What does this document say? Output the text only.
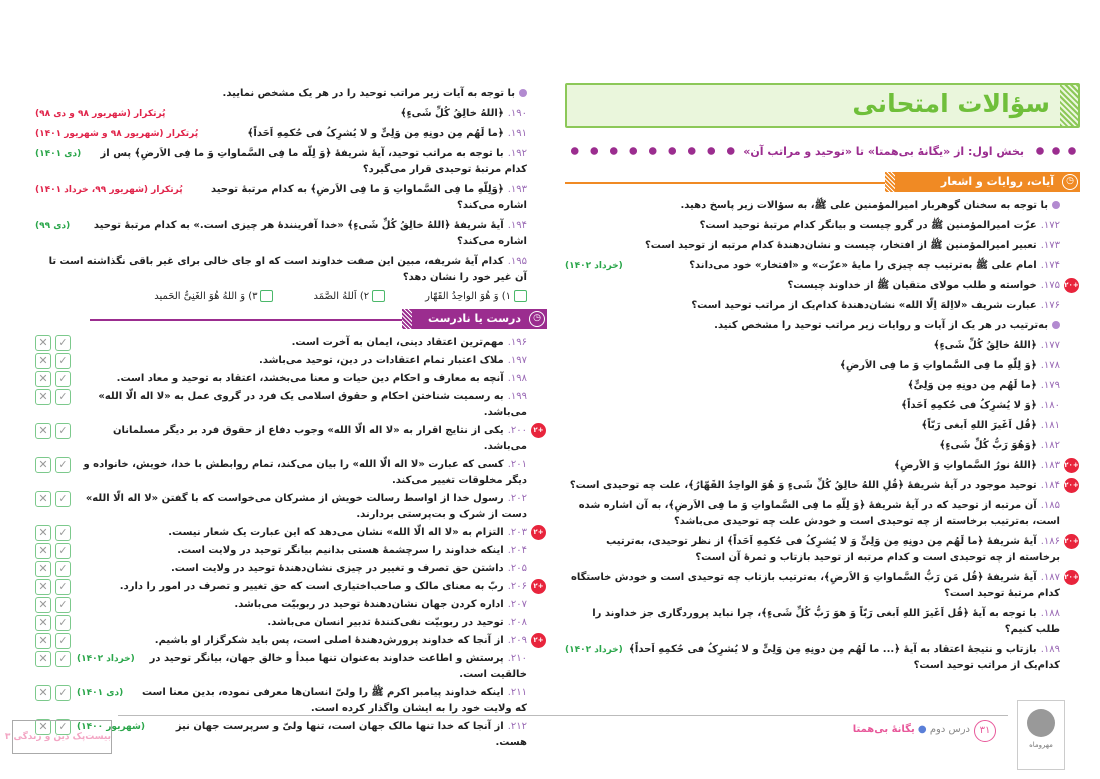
سؤالات امتحانی
بخش اول: از «یگانهٔ بی‌همتا» تا «توحید و مراتب آن»
◷
آیات، روایات و اشعار
با توجه به سخنان گوهربار امیرالمؤمنین علی ﷺ، به سؤالات زیر پاسخ دهید.
۱۷۲.عزّت امیرالمؤمنین ﷺ در گرو چیست و بیانگر کدام مرتبهٔ توحید است؟
۱۷۳.تعبیر امیرالمؤمنین ﷺ از افتخار، چیست و نشان‌دهندهٔ کدام مرتبه از توحید است؟
(خرداد ۱۴۰۲)	۱۷۴.امام علی ﷺ به‌ترتیب چه چیزی را مایهٔ «عزّت» و «افتخار» خود می‌داند؟
+۲۰
۱۷۵.خواسته و طلب مولای متقیان ﷺ از خداوند چیست؟
۱۷۶.عبارت شریف «لااِلهَ اِلّا الله» نشان‌دهندهٔ کدام‌یک از مراتب توحید است؟
به‌ترتیب در هر یک از آیات و روایات زیر مراتب توحید را مشخص کنید.
۱۷۷.﴿اللهُ خالِقُ کُلِّ شَیءٍ﴾
۱۷۸.﴿وَ لِلّهِ ما فِی السَّماواتِ وَ ما فِی الاَرضِ﴾
۱۷۹.﴿ما لَهُم مِن دونِهِ مِن وَلِیٍّ﴾
۱۸۰.﴿وَ لا یُشرِکُ فی حُکمِهِ اَحَداً﴾
۱۸۱.﴿قُل اَغَیرَ اللهِ اَبغی رَبّاً﴾
۱۸۲.﴿وَهُوَ رَبُّ کُلِّ شَیءٍ﴾
+۲۰
۱۸۳.﴿اللهُ نورُ السَّماواتِ وَ الاَرضِ﴾
+۲۰
۱۸۴.توحید موجود در آیهٔ شریفهٔ ﴿قُلِ اللهُ خالِقُ کُلِّ شَیءٍ وَ هُوَ الواحِدُ القَهّارُ﴾، علت چه توحیدی است؟
۱۸۵.آن مرتبه از توحید که در آیهٔ شریفهٔ ﴿وَ لِلّهِ ما فِی السَّماواتِ وَ ما فِی الاَرضِ﴾، به آن اشاره شده است، به‌ترتیب برخاسته از چه توحیدی است و خودش علت چه توحیدی می‌باشد؟
+۲۰
۱۸۶.آیهٔ شریفهٔ ﴿ما لَهُم مِن دونِهِ مِن وَلِیٍّ وَ لا یُشرِکُ فی حُکمِهِ اَحَداً﴾ از نظر توحیدی، به‌ترتیب برخاسته از چه توحیدی است و کدام مرتبه از توحید بازتاب و ثمرهٔ آن است؟
+۲۰
۱۸۷.آیهٔ شریفهٔ ﴿قُل مَن رَبُّ السَّماواتِ وَ الاَرضِ﴾، به‌ترتیب بازتاب چه توحیدی است و خودش خاستگاه کدام مرتبهٔ توحید است؟
۱۸۸.با توجه به آیهٔ ﴿قُل اَغَیرَ اللهِ اَبغی رَبّاً وَ هوَ رَبُّ کُلِّ شَیءٍ﴾، چرا نباید پروردگاری جز خداوند را طلب کنیم؟
(خرداد ۱۴۰۲)	۱۸۹.بازتاب و نتیجهٔ اعتقاد به آیهٔ ﴿... ما لَهُم مِن دونِهِ مِن وَلِیٍّ و لا یُشرِکُ فی حُکمِهِ اَحداً﴾ کدام‌یک از مراتب توحید است؟
با توجه به آیات زیر مراتب توحید را در هر یک مشخص نمایید.
پُرتکرار (شهریور ۹۸ و دی ۹۸)	۱۹۰.﴿اللهُ خالِقُ کُلِّ شَیءٍ﴾
پُرتکرار (شهریور ۹۸ و شهریور ۱۴۰۱)	۱۹۱.﴿ما لَهُم مِن دونِهِ مِن وَلِیٍّ و لا یُشرِکُ فی حُکمِهِ اَحَداً﴾
(دی ۱۴۰۱)	۱۹۲.با توجه به مراتب توحید، آیهٔ شریفهٔ ﴿وَ لِلّه ما فِی السَّماواتِ وَ ما فِی الاَرضِ﴾ پس از کدام مرتبهٔ توحیدی قرار می‌گیرد؟
پُرتکرار (شهریور ۹۹، خرداد ۱۴۰۱)	۱۹۳.﴿وَلِلّهِ ما فِی السَّماواتِ وَ ما فِی الاَرضِ﴾ به کدام مرتبهٔ توحید اشاره می‌کند؟
(دی ۹۹)	۱۹۴.آیهٔ شریفهٔ ﴿اللهُ خالِقُ کُلِّ شَیءٍ﴾ «خدا آفرینندهٔ هر چیزی است.» به کدام مرتبهٔ توحید اشاره می‌کند؟
۱۹۵.کدام آیهٔ شریفه، مبین این صفت خداوند است که او جای خالی برای غیر باقی نگذاشته است تا آن غیر خود را نشان دهد؟
۱) وَ هُوَ الواحِدُ القَهّار
۲) اَللهُ الصَّمَد
۳) وَ اللهُ هُوَ الغَنِیُّ الحَمید
◷
درست یا نادرست
۱۹۶.مهم‌ترین اعتقاد دینی، ایمان به آخرت است.
✕ ✓
۱۹۷.ملاک اعتبار تمام اعتقادات در دین، توحید می‌باشد.
✕ ✓
۱۹۸.آنچه به معارف و احکام دین حیات و معنا می‌بخشد، اعتقاد به توحید و معاد است.
✕ ✓
۱۹۹.به رسمیت شناختن احکام و حقوق اسلامی یک فرد در گروی عمل به «لا اله الّا الله» می‌باشد.
✕ ✓
+۲
۲۰۰.یکی از نتایج اقرار به «لا اله الّا الله» وجوب دفاع از حقوق فرد بر دیگر مسلمانان می‌باشد.
✕ ✓
۲۰۱.کسی که عبارت «لا اله الّا الله» را بیان می‌کند، تمام روابطش با خدا، خویش، خانواده و دیگر مخلوقات تغییر می‌کند.
✕ ✓
۲۰۲.رسول خدا از اواسط رسالت خویش از مشرکان می‌خواست که با گفتن «لا اله الّا الله» دست از شرک و بت‌پرستی بردارند.
✕ ✓
+۲
۲۰۳.التزام به «لا اله الّا الله» نشان می‌دهد که این عبارت یک شعار نیست.
✕ ✓
۲۰۴.اینکه خداوند را سرچشمهٔ هستی بدانیم بیانگر توحید در ولایت است.
✕ ✓
۲۰۵.داشتن حق تصرف و تغییر در چیزی نشان‌دهندهٔ توحید در ولایت است.
✕ ✓
+۲
۲۰۶.ربّ به معنای مالک و صاحب‌اختیاری است که حق تغییر و تصرف در امور را دارد.
✕ ✓
۲۰۷.اداره کردن جهان نشان‌دهندهٔ توحید در ربوبیّت می‌باشد.
✕ ✓
۲۰۸.توحید در ربوبیّت نفی‌کنندهٔ تدبیر انسان می‌باشد.
✕ ✓
+۲
۲۰۹.از آنجا که خداوند پرورش‌دهندهٔ اصلی است، پس باید شکرگزار او باشیم.
✕ ✓
۲۱۰.پرستش و اطاعت خداوند به‌عنوان تنها مبدأ و خالق جهان، بیانگر توحید در خالقیت است.
(خرداد ۱۴۰۲)
✕ ✓
۲۱۱.اینکه خداوند پیامبر اکرم ﷺ را ولیّ انسان‌ها معرفی نموده، بدین معنا است که ولایت خود را به ایشان واگذار کرده است.
(دی ۱۴۰۱)
✕ ✓
۲۱۲.از آنجا که خدا تنها مالک جهان است، تنها ولیّ و سرپرست جهان نیز هست.
(شهریور ۱۴۰۰)
✕ ✓
بیست‌پک دین و زندگی ۳
۳۱
درس دوم ● یگانهٔ بی‌همتا
مهروماه
